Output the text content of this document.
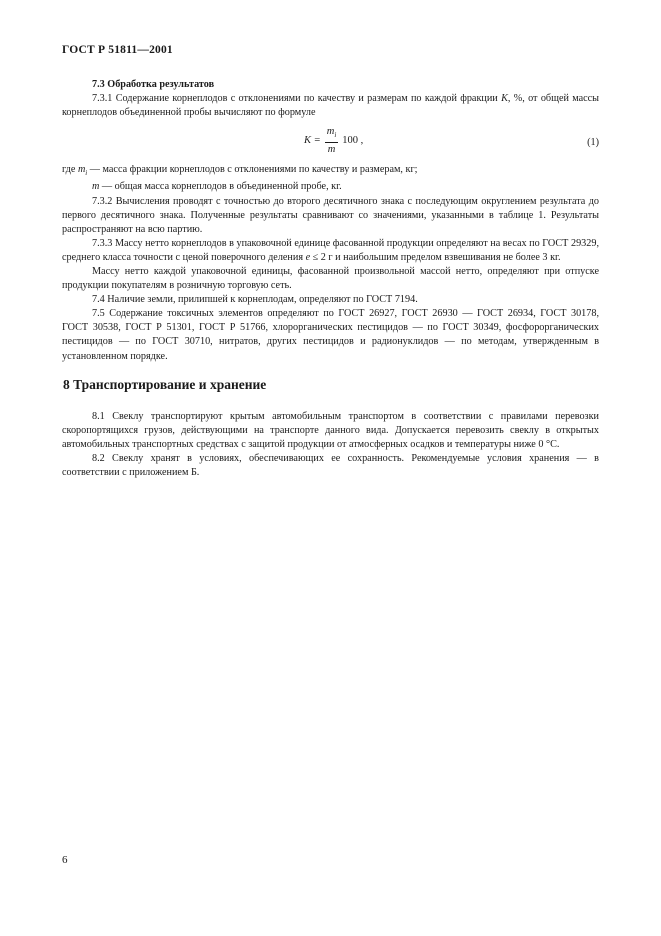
ГОСТ Р 51811—2001
7.3 Обработка результатов

7.3.1 Содержание корнеплодов с отклонениями по качеству и размерам по каждой фракции K, %, от общей массы корнеплодов объединенной пробы вычисляют по формуле

$K = \frac{m_i}{m} 100$ ,	(1)

где $m_i$ — масса фракции корнеплодов с отклонениями по качеству и размерам, кг;

m — общая масса корнеплодов в объединенной пробе, кг.

7.3.2 Вычисления проводят с точностью до второго десятичного знака с последующим округлением результата до первого десятичного знака. Полученные результаты сравнивают со значениями, указанными в таблице 1. Результаты распространяют на всю партию.

7.3.3 Массу нетто корнеплодов в упаковочной единице фасованной продукции определяют на весах по ГОСТ 29329, среднего класса точности с ценой поверочного деления e ≤ 2 г и наибольшим пределом взвешивания не более 3 кг.

Массу нетто каждой упаковочной единицы, фасованной произвольной массой нетто, определяют при отпуске продукции покупателям в розничную торговую сеть.

7.4 Наличие земли, прилипшей к корнеплодам, определяют по ГОСТ 7194.

7.5 Содержание токсичных элементов определяют по ГОСТ 26927, ГОСТ 26930 — ГОСТ 26934, ГОСТ 30178, ГОСТ 30538, ГОСТ Р 51301, ГОСТ Р 51766, хлорорганических пестицидов — по ГОСТ 30349, фосфорорганических пестицидов — по ГОСТ 30710, нитратов, других пестицидов и радионуклидов — по методам, утвержденным в установленном порядке.

8 Транспортирование и хранение

8.1 Свеклу транспортируют крытым автомобильным транспортом в соответствии с правилами перевозки скоропортящихся грузов, действующими на транспорте данного вида. Допускается перевозить свеклу в открытых автомобильных транспортных средствах с защитой продукции от атмосферных осадков и температуры ниже 0 °С.

8.2 Свеклу хранят в условиях, обеспечивающих ее сохранность. Рекомендуемые условия хранения — в соответствии с приложением Б.

6
